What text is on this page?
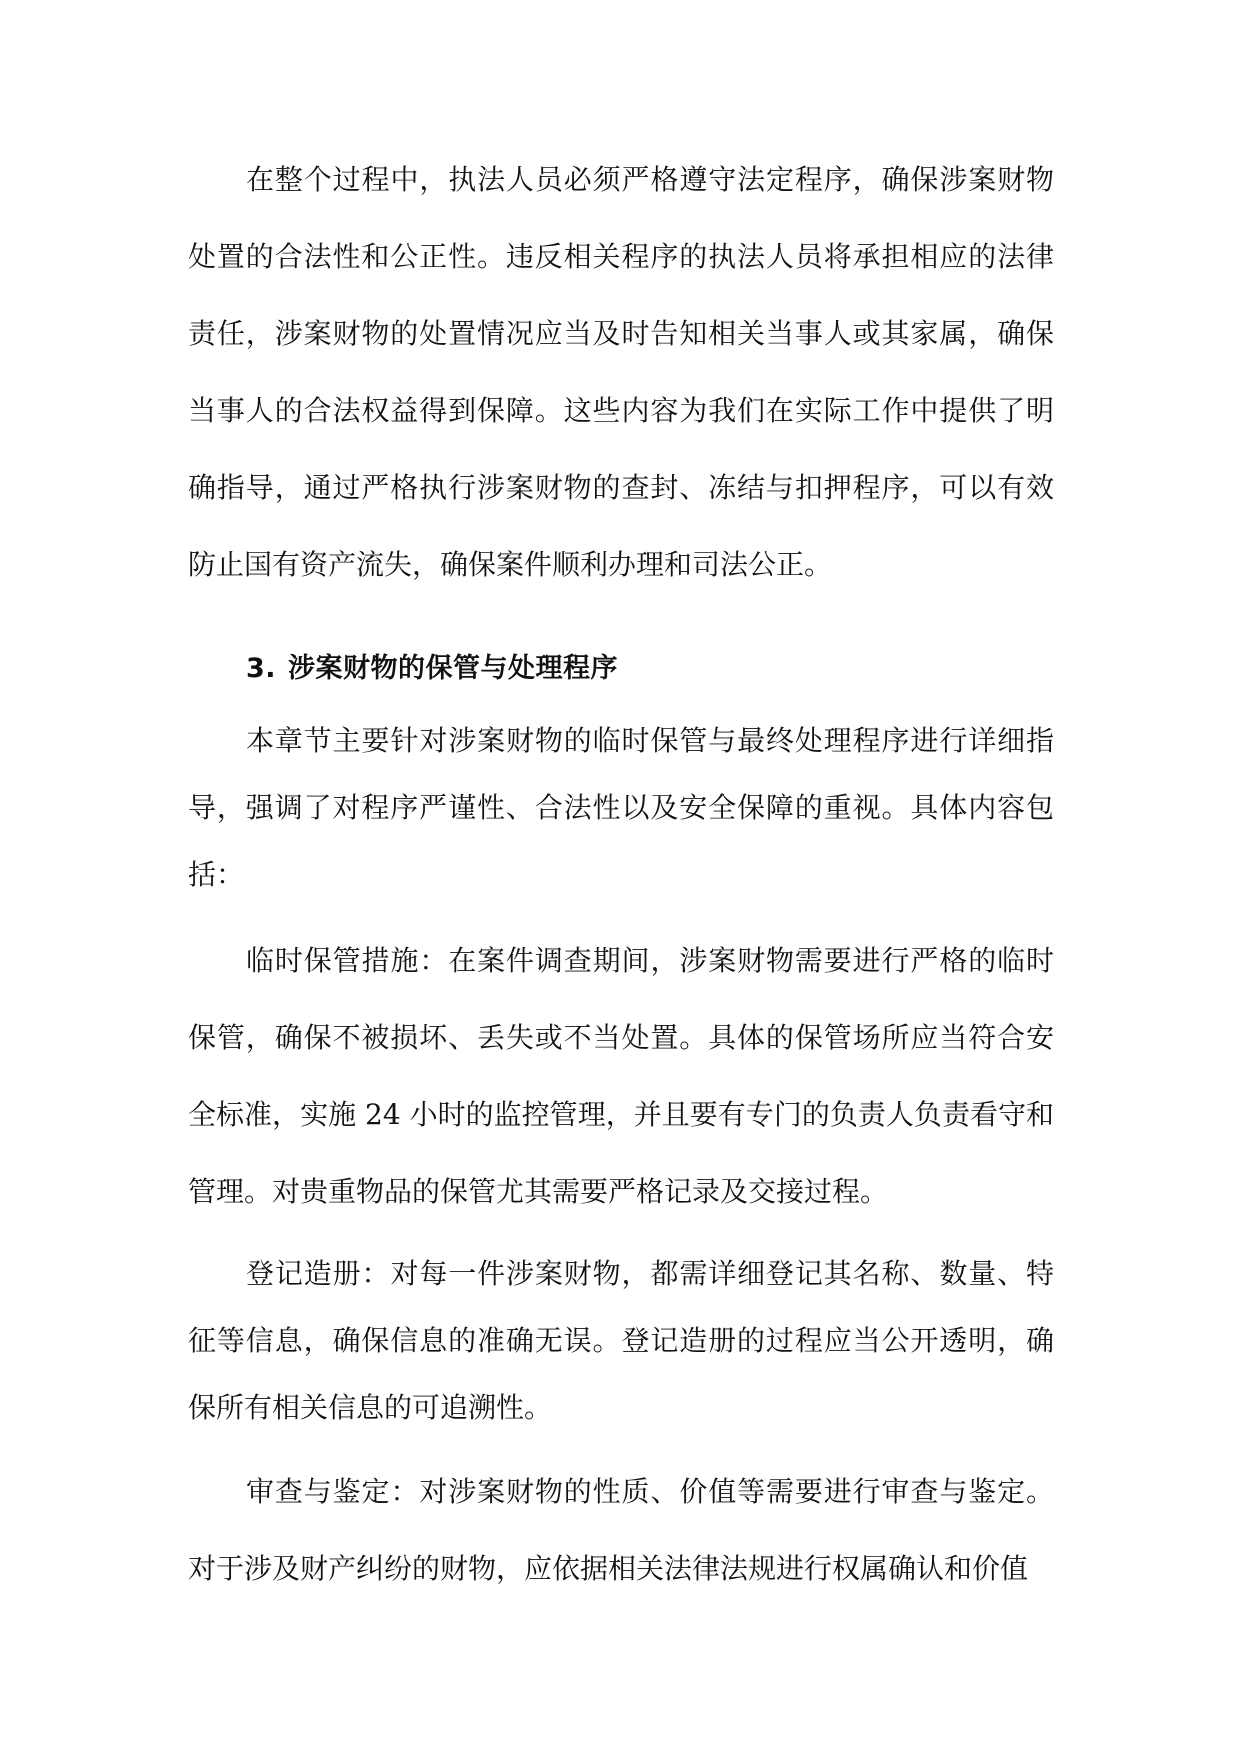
在整个过程中，执法人员必须严格遵守法定程序，确保涉案财物处置的合法性和公正性。违反相关程序的执法人员将承担相应的法律责任，涉案财物的处置情况应当及时告知相关当事人或其家属，确保当事人的合法权益得到保障。这些内容为我们在实际工作中提供了明确指导，通过严格执行涉案财物的查封、冻结与扣押程序，可以有效防止国有资产流失，确保案件顺利办理和司法公正。

3. 涉案财物的保管与处理程序

本章节主要针对涉案财物的临时保管与最终处理程序进行详细指导，强调了对程序严谨性、合法性以及安全保障的重视。具体内容包括：

临时保管措施：在案件调查期间，涉案财物需要进行严格的临时保管，确保不被损坏、丢失或不当处置。具体的保管场所应当符合安全标准，实施 24 小时的监控管理，并且要有专门的负责人负责看守和管理。对贵重物品的保管尤其需要严格记录及交接过程。

登记造册：对每一件涉案财物，都需详细登记其名称、数量、特征等信息，确保信息的准确无误。登记造册的过程应当公开透明，确保所有相关信息的可追溯性。

审查与鉴定：对涉案财物的性质、价值等需要进行审查与鉴定。对于涉及财产纠纷的财物，应依据相关法律法规进行权属确认和价值
